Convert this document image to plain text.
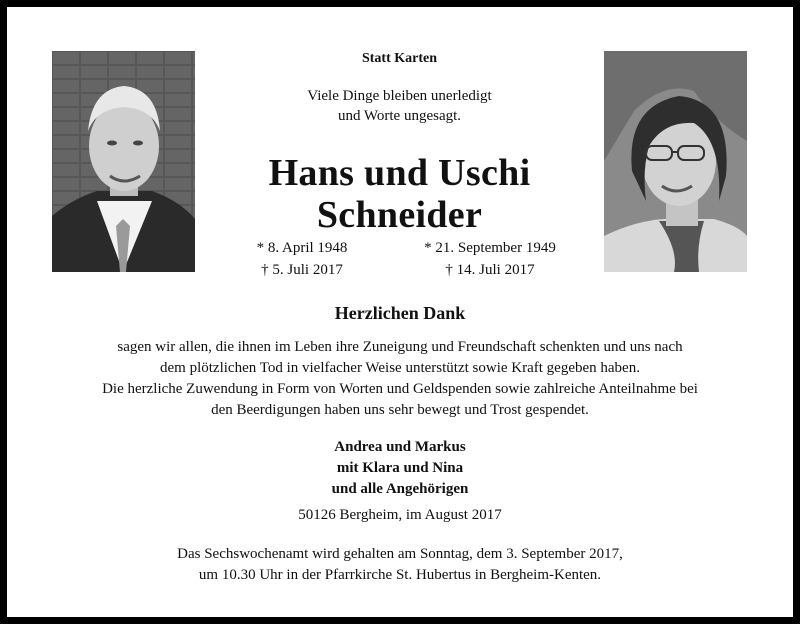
Statt Karten
Viele Dinge bleiben unerledigt
und Worte ungesagt.
Hans und Uschi
Schneider
* 8. April 1948
† 5. Juli 2017
* 21. September 1949
† 14. Juli 2017
Herzlichen Dank
sagen wir allen, die ihnen im Leben ihre Zuneigung und Freundschaft schenkten und uns nach
dem plötzlichen Tod in vielfacher Weise unterstützt sowie Kraft gegeben haben.
Die herzliche Zuwendung in Form von Worten und Geldspenden sowie zahlreiche Anteilnahme bei
den Beerdigungen haben uns sehr bewegt und Trost gespendet.
Andrea und Markus
mit Klara und Nina
und alle Angehörigen
50126 Bergheim, im August 2017
Das Sechswochenamt wird gehalten am Sonntag, dem 3. September 2017,
um 10.30 Uhr in der Pfarrkirche St. Hubertus in Bergheim-Kenten.
